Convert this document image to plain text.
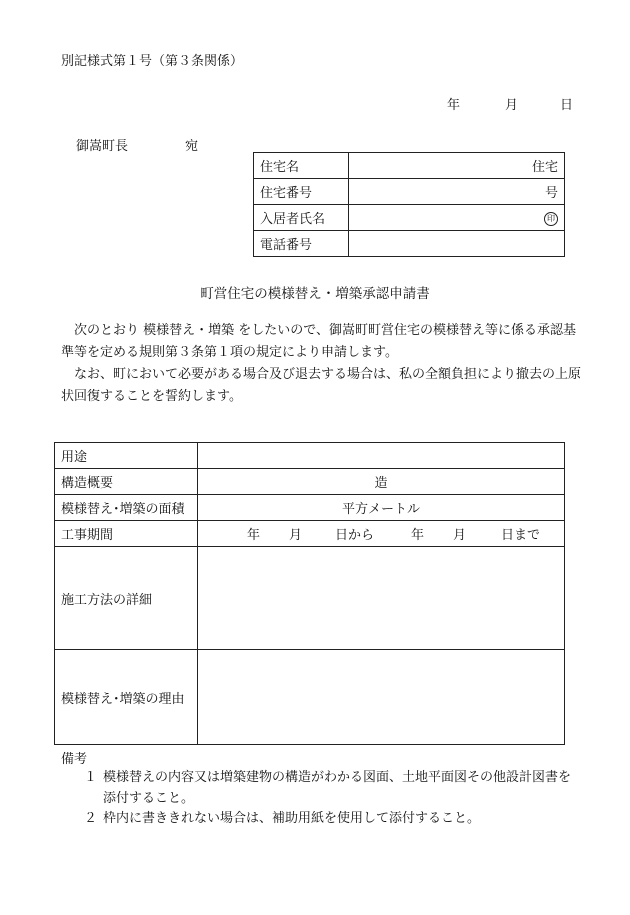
別記様式第１号（第３条関係）
年	月	日
御嵩町長	宛
住宅名	住宅
住宅番号	号
入居者氏名	印
電話番号	
町営住宅の模様替え・増築承認申請書

次のとおり 模様替え・増築 をしたいので、御嵩町町営住宅の模様替え等に係る承認基準等を定める規則第３条第１項の規定により申請します。

なお、町において必要がある場合及び退去する場合は、私の全額負担により撤去の上原状回復することを誓約します。

用途	
構造概要	造
模様替え･増築の面積	平方メートル
工事期間	年 月 日から 年 月 日まで
施工方法の詳細	
模様替え･増築の理由	
備考
１ 模様替えの内容又は増築建物の構造がわかる図面、土地平面図その他設計図書を添付すること。
２ 枠内に書ききれない場合は、補助用紙を使用して添付すること。
